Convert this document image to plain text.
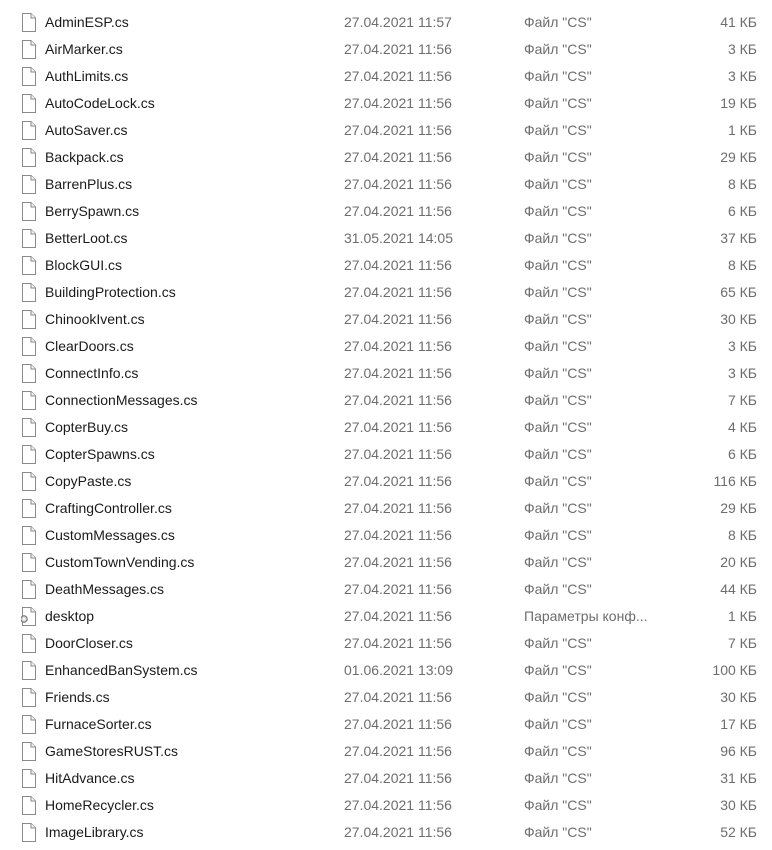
AdminESP.cs	27.04.2021 11:57	Файл "CS"	41 КБ
AirMarker.cs	27.04.2021 11:56	Файл "CS"	3 КБ
AuthLimits.cs	27.04.2021 11:56	Файл "CS"	3 КБ
AutoCodeLock.cs	27.04.2021 11:56	Файл "CS"	19 КБ
AutoSaver.cs	27.04.2021 11:56	Файл "CS"	1 КБ
Backpack.cs	27.04.2021 11:56	Файл "CS"	29 КБ
BarrenPlus.cs	27.04.2021 11:56	Файл "CS"	8 КБ
BerrySpawn.cs	27.04.2021 11:56	Файл "CS"	6 КБ
BetterLoot.cs	31.05.2021 14:05	Файл "CS"	37 КБ
BlockGUI.cs	27.04.2021 11:56	Файл "CS"	8 КБ
BuildingProtection.cs	27.04.2021 11:56	Файл "CS"	65 КБ
ChinookIvent.cs	27.04.2021 11:56	Файл "CS"	30 КБ
ClearDoors.cs	27.04.2021 11:56	Файл "CS"	3 КБ
ConnectInfo.cs	27.04.2021 11:56	Файл "CS"	3 КБ
ConnectionMessages.cs	27.04.2021 11:56	Файл "CS"	7 КБ
CopterBuy.cs	27.04.2021 11:56	Файл "CS"	4 КБ
CopterSpawns.cs	27.04.2021 11:56	Файл "CS"	6 КБ
CopyPaste.cs	27.04.2021 11:56	Файл "CS"	116 КБ
CraftingController.cs	27.04.2021 11:56	Файл "CS"	29 КБ
CustomMessages.cs	27.04.2021 11:56	Файл "CS"	8 КБ
CustomTownVending.cs	27.04.2021 11:56	Файл "CS"	20 КБ
DeathMessages.cs	27.04.2021 11:56	Файл "CS"	44 КБ
desktop	27.04.2021 11:56	Параметры конф...	1 КБ
DoorCloser.cs	27.04.2021 11:56	Файл "CS"	7 КБ
EnhancedBanSystem.cs	01.06.2021 13:09	Файл "CS"	100 КБ
Friends.cs	27.04.2021 11:56	Файл "CS"	30 КБ
FurnaceSorter.cs	27.04.2021 11:56	Файл "CS"	17 КБ
GameStoresRUST.cs	27.04.2021 11:56	Файл "CS"	96 КБ
HitAdvance.cs	27.04.2021 11:56	Файл "CS"	31 КБ
HomeRecycler.cs	27.04.2021 11:56	Файл "CS"	30 КБ
ImageLibrary.cs	27.04.2021 11:56	Файл "CS"	52 КБ
